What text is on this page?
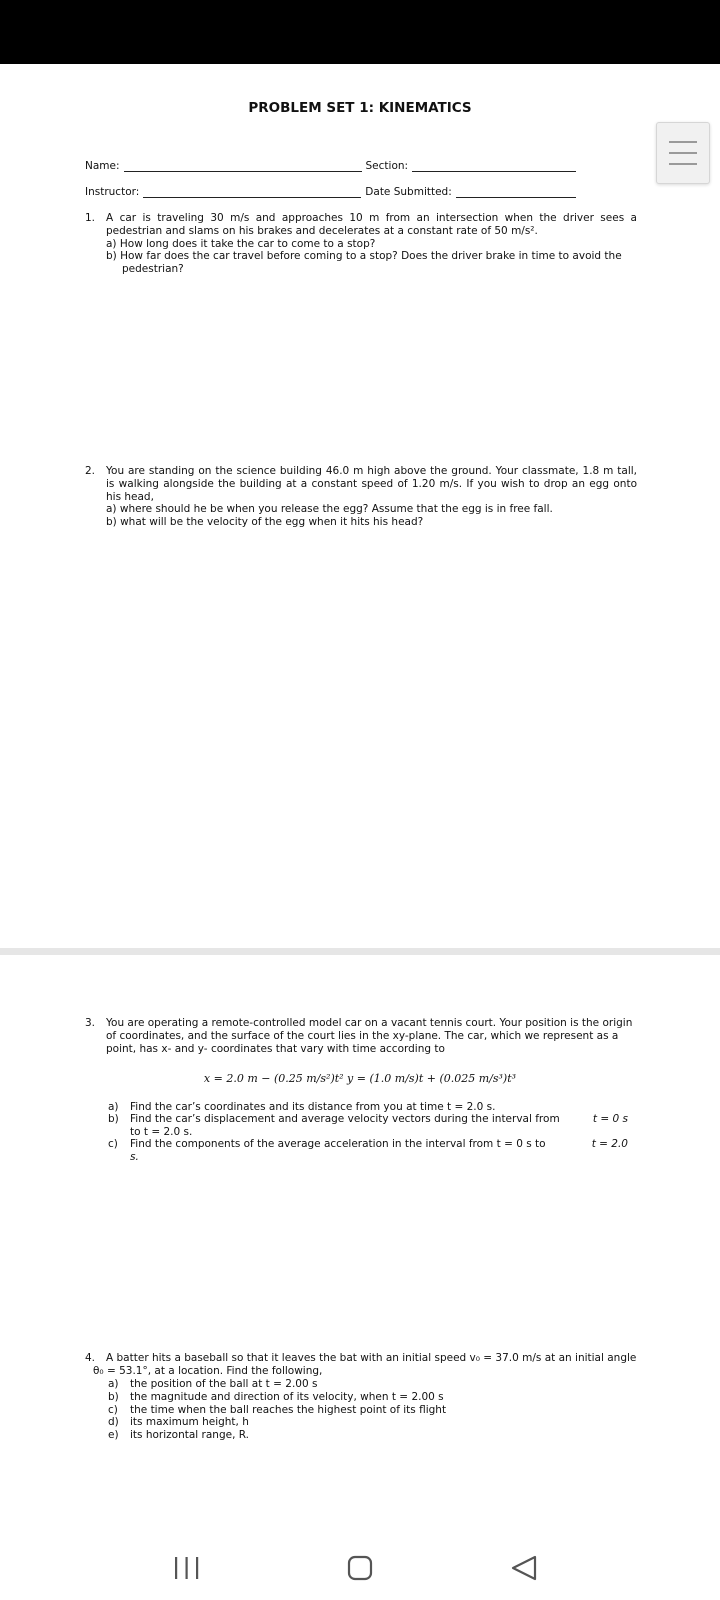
PROBLEM SET 1: KINEMATICS
Name:	Section:
Instructor:	Date Submitted:
1. A car is traveling 30 m/s and approaches 10 m from an intersection when the driver sees a pedestrian and slams on his brakes and decelerates at a constant rate of 50 m/s².
a) How long does it take the car to come to a stop?
b) How far does the car travel before coming to a stop? Does the driver brake in time to avoid the
pedestrian?
2. You are standing on the science building 46.0 m high above the ground. Your classmate, 1.8 m tall, is walking alongside the building at a constant speed of 1.20 m/s. If you wish to drop an egg onto his head,
a) where should he be when you release the egg? Assume that the egg is in free fall.
b) what will be the velocity of the egg when it hits his head?
3. You are operating a remote-controlled model car on a vacant tennis court. Your position is the origin of coordinates, and the surface of the court lies in the xy-plane. The car, which we represent as a point, has x- and y- coordinates that vary with time according to
x = 2.0 m − (0.25 m/s²)t² y = (1.0 m/s)t + (0.025 m/s³)t³
a) Find the car’s coordinates and its distance from you at time t = 2.0 s.
b) Find the car’s displacement and average velocity vectors during the interval from	t = 0 s
to t = 2.0 s.
c) Find the components of the average acceleration in the interval from t = 0 s to	t = 2.0
s.
4. A batter hits a baseball so that it leaves the bat with an initial speed v₀ = 37.0 m/s at an initial angle
θ₀ = 53.1°, at a location. Find the following,
a) the position of the ball at t = 2.00 s
b) the magnitude and direction of its velocity, when t = 2.00 s
c) the time when the ball reaches the highest point of its flight
d) its maximum height, h
e) its horizontal range, R.
